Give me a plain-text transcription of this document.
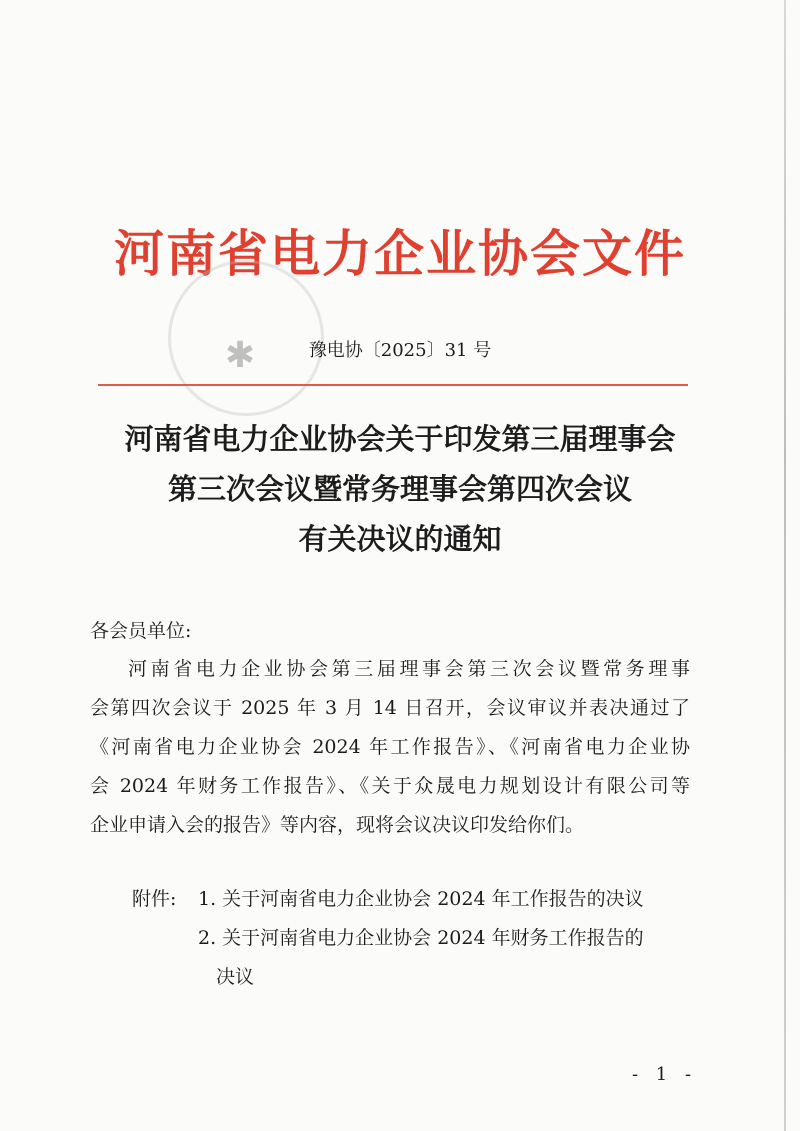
河南省电力企业协会文件
✱	豫电协〔2025〕31 号
河南省电力企业协会关于印发第三届理事会
第三次会议暨常务理事会第四次会议
有关决议的通知
各会员单位:
河南省电力企业协会第三届理事会第三次会议暨常务理事
会第四次会议于 2025 年 3 月 14 日召开，会议审议并表决通过了
《河南省电力企业协会 2024 年工作报告》、《河南省电力企业协
会 2024 年财务工作报告》、《关于众晟电力规划设计有限公司等
企业申请入会的报告》等内容，现将会议决议印发给你们。
附件:	1. 关于河南省电力企业协会 2024 年工作报告的决议
2. 关于河南省电力企业协会 2024 年财务工作报告的
决议
- 1 -
